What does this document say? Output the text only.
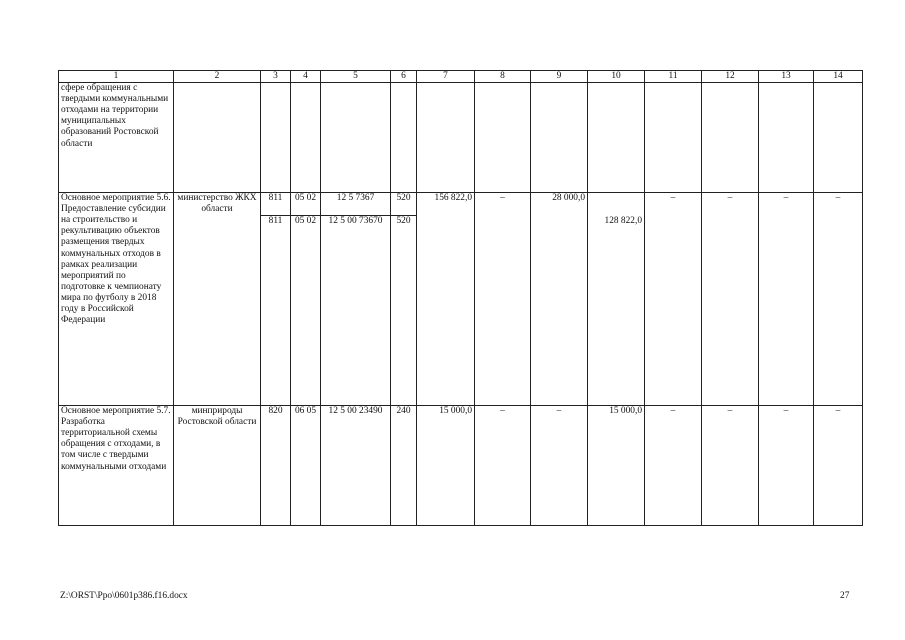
1	2	3	4	5	6	7	8	9	10	11	12	13	14
сфере обращения с твердыми коммунальными отходами на территории муниципальных образований Ростовской области													
Основное мероприятие 5.6. Предоставление субсидии на строительство и рекультивацию объектов размещения твердых коммунальных отходов в рамках реализации мероприятий по подготовке к чемпионату мира по футболу в 2018 году в Российской Федерации	министерство ЖКХ области	811	05 02	12 5 7367	520	156 822,0	–	28 000,0		–	–	–	–
		811	05 02	12 5 00 73670	520				128 822,0				
Основное мероприятие 5.7. Разработка территориальной схемы обращения с отходами, в том числе с твердыми коммунальными отходами	минприроды Ростовской области	820	06 05	12 5 00 23490	240	15 000,0	–	–	15 000,0	–	–	–	–
Z:\ORST\Ppo\0601p386.f16.docx	27
